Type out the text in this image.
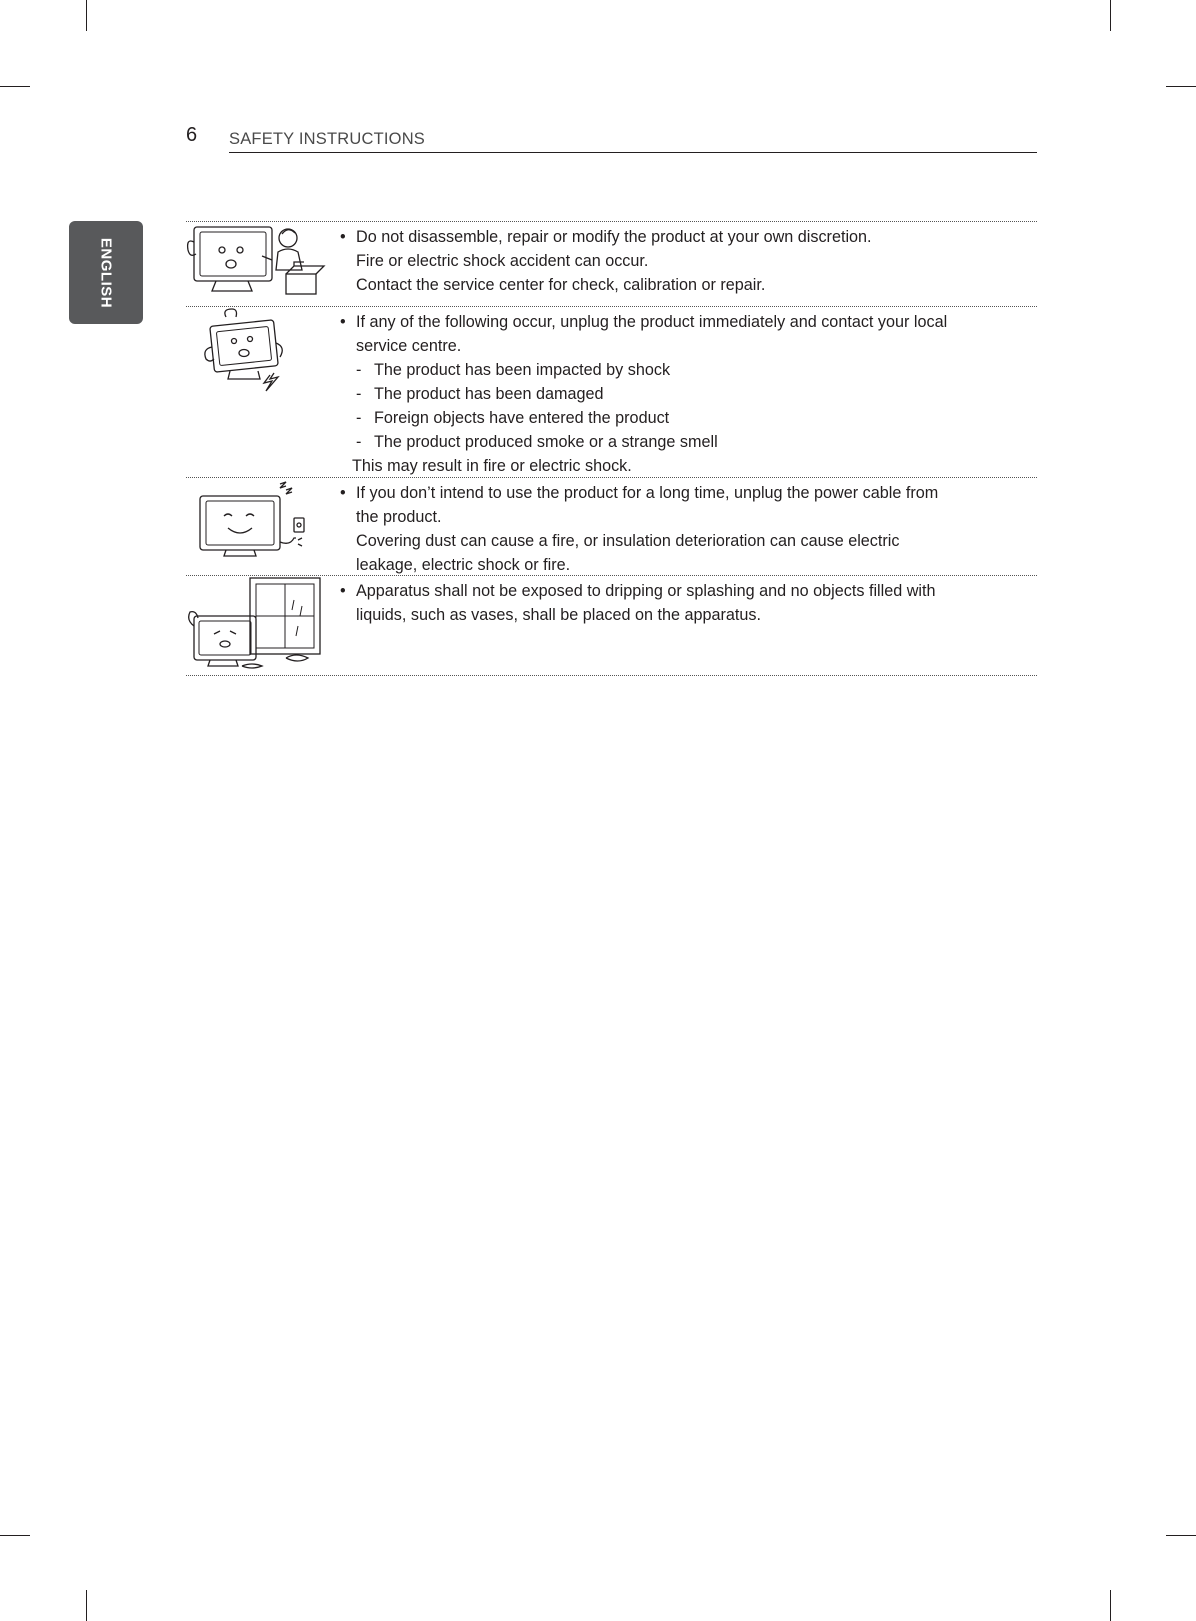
6 SAFETY INSTRUCTIONS
ENGLISH
• Do not disassemble, repair or modify the product at your own discretion.
Fire or electric shock accident can occur.
Contact the service center for check, calibration or repair.
• If any of the following occur, unplug the product immediately and contact your local
service centre.
- The product has been impacted by shock
- The product has been damaged
- Foreign objects have entered the product
- The product produced smoke or a strange smell
This may result in fire or electric shock.
• If you don’t intend to use the product for a long time, unplug the power cable from
the product.
Covering dust can cause a fire, or insulation deterioration can cause electric
leakage, electric shock or fire.
• Apparatus shall not be exposed to dripping or splashing and no objects filled with
liquids, such as vases, shall be placed on the apparatus.
